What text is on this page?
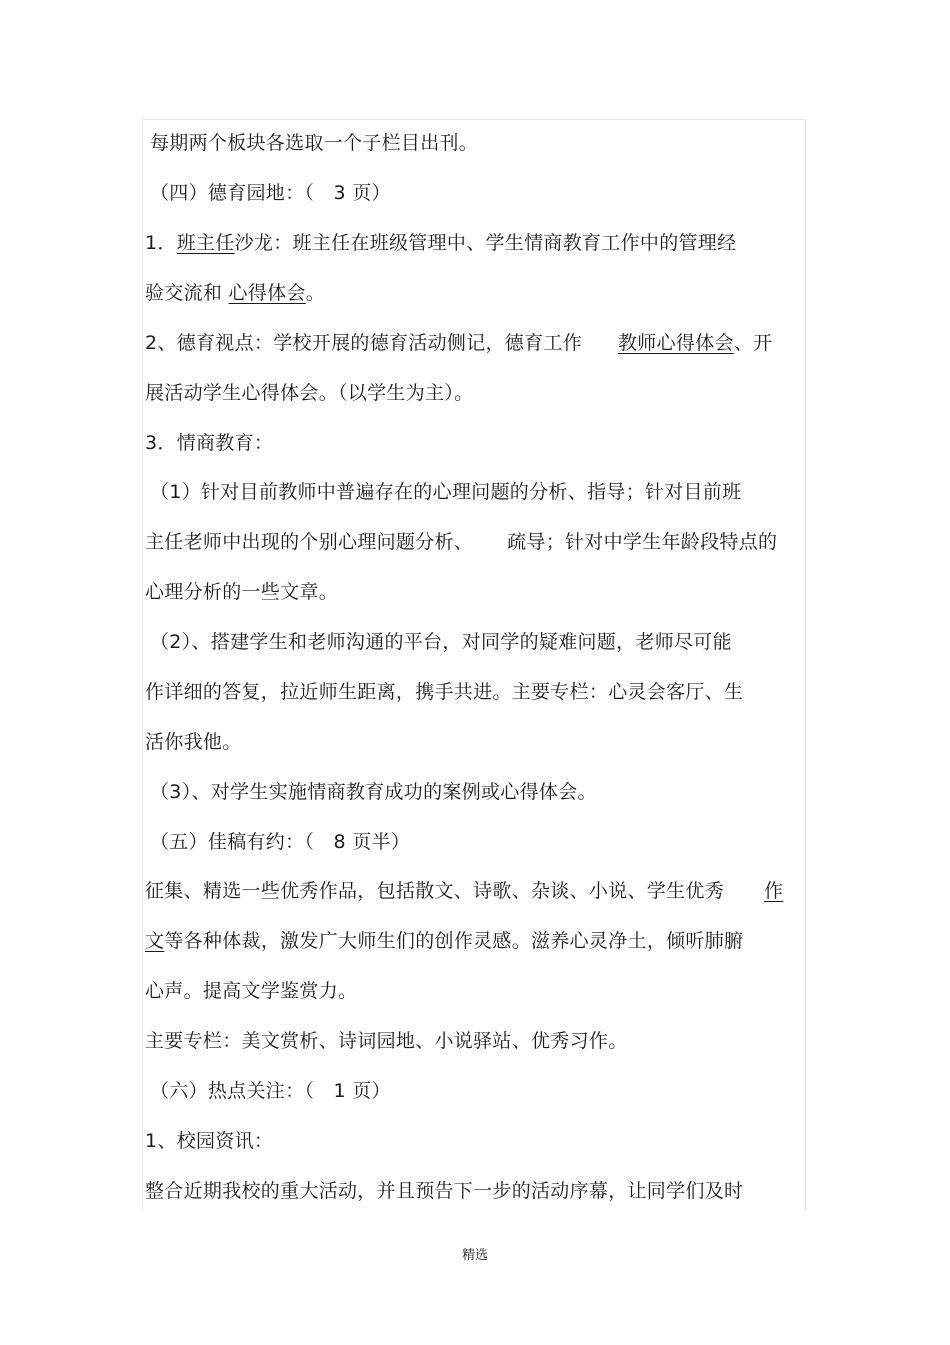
每期两个板块各选取一个子栏目出刊。
（四）德育园地：（　3 页）
1．班主任沙龙：班主任在班级管理中、学生情商教育工作中的管理经
验交流和 心得体会。
2、德育视点：学校开展的德育活动侧记，德育工作 教师心得体会、开
展活动学生心得体会。（以学生为主）。
3．情商教育：
（1）针对目前教师中普遍存在的心理问题的分析、指导；针对目前班
主任老师中出现的个别心理问题分析、 疏导；针对中学生年龄段特点的
心理分析的一些文章。
（2）、搭建学生和老师沟通的平台，对同学的疑难问题，老师尽可能
作详细的答复，拉近师生距离，携手共进。主要专栏：心灵会客厅、生
活你我他。
（3）、对学生实施情商教育成功的案例或心得体会。
（五）佳稿有约：（　8 页半）
征集、精选一些优秀作品，包括散文、诗歌、杂谈、小说、学生优秀 作
文等各种体裁，激发广大师生们的创作灵感。滋养心灵净土，倾听肺腑
心声。提高文学鉴赏力。
主要专栏：美文赏析、诗词园地、小说驿站、优秀习作。
（六）热点关注：（　1 页）
1、校园资讯：
整合近期我校的重大活动，并且预告下一步的活动序幕，让同学们及时
精选
